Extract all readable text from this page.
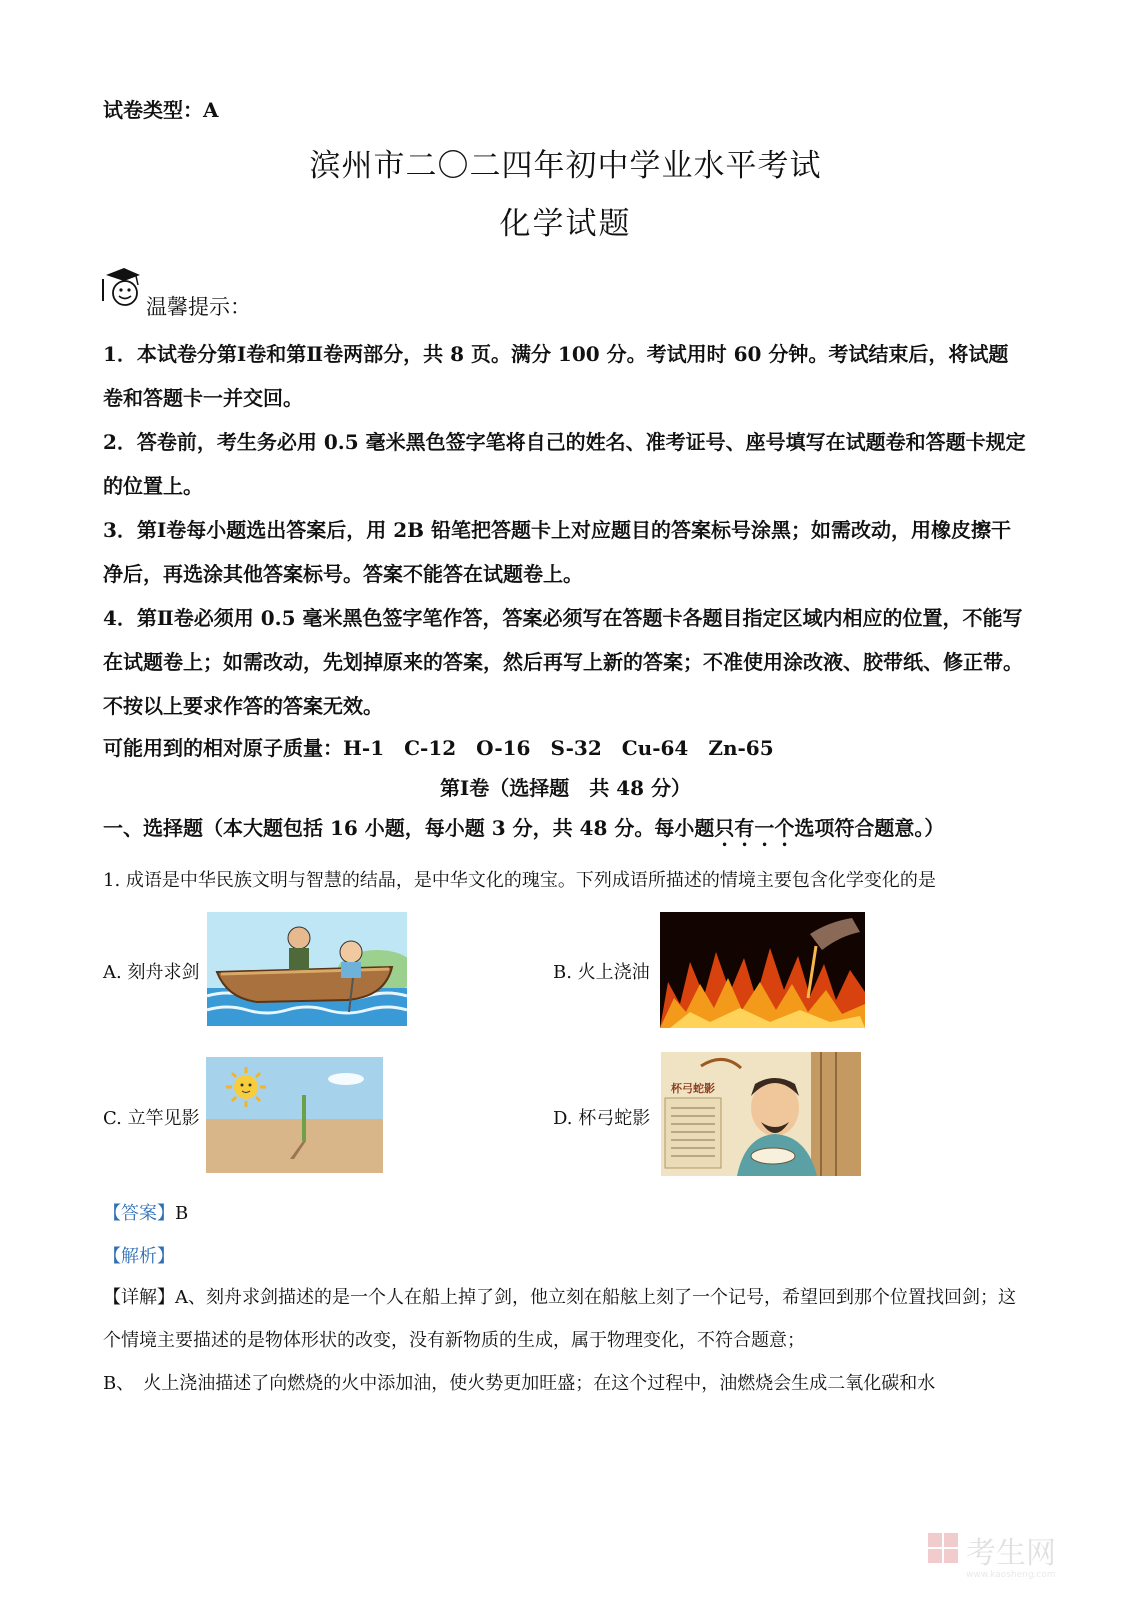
试卷类型：A
滨州市二〇二四年初中学业水平考试
化学试题
温馨提示：

1．本试卷分第Ⅰ卷和第Ⅱ卷两部分，共 8 页。满分 100 分。考试用时 60 分钟。考试结束后，将试题卷和答题卡一并交回。

2．答卷前，考生务必用 0.5 毫米黑色签字笔将自己的姓名、准考证号、座号填写在试题卷和答题卡规定的位置上。

3．第Ⅰ卷每小题选出答案后，用 2B 铅笔把答题卡上对应题目的答案标号涂黑；如需改动，用橡皮擦干净后，再选涂其他答案标号。答案不能答在试题卷上。

4．第Ⅱ卷必须用 0.5 毫米黑色签字笔作答，答案必须写在答题卡各题目指定区域内相应的位置，不能写在试题卷上；如需改动，先划掉原来的答案，然后再写上新的答案；不准使用涂改液、胶带纸、修正带。不按以上要求作答的答案无效。

可能用到的相对原子质量：H-1　C-12　O-16　S-32　Cu-64　Zn-65
第Ⅰ卷（选择题　共 48 分）
一、选择题（本大题包括 16 小题，每小题 3 分，共 48 分。每小题只有一个选项符合题意。）
1. 成语是中华民族文明与智慧的结晶，是中华文化的瑰宝。下列成语所描述的情境主要包含化学变化的是
A. 刻舟求剑	B. 火上浇油
C. 立竿见影	D. 杯弓蛇影
杯弓蛇影
【答案】B
【解析】

【详解】A、刻舟求剑描述的是一个人在船上掉了剑，他立刻在船舷上刻了一个记号，希望回到那个位置找回剑；这个情境主要描述的是物体形状的改变，没有新物质的生成，属于物理变化，不符合题意；

B、　火上浇油描述了向燃烧的火中添加油，使火势更加旺盛；在这个过程中，油燃烧会生成二氧化碳和水

考生网
www.kaosheng.com
